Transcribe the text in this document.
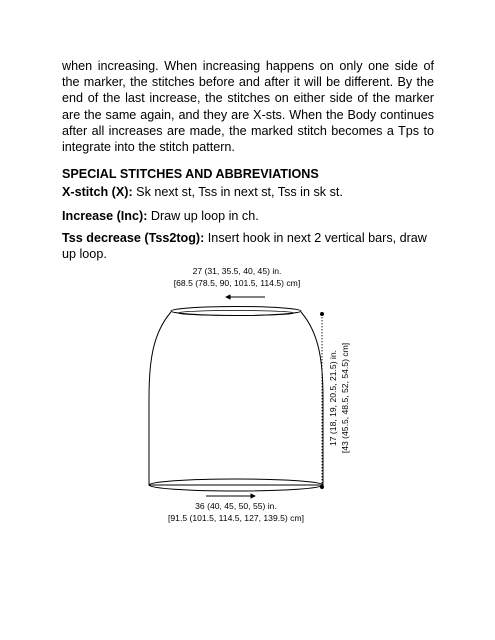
when increasing. When increasing happens on only one side of the marker, the stitches before and after it will be different. By the end of the last increase, the stitches on either side of the marker are the same again, and they are X-sts. When the Body continues after all increases are made, the marked stitch becomes a Tps to integrate into the stitch pattern.

SPECIAL STITCHES AND ABBREVIATIONS

X-stitch (X): Sk next st, Tss in next st, Tss in sk st.

Increase (Inc): Draw up loop in ch.

Tss decrease (Tss2tog): Insert hook in next 2 vertical bars, draw up loop.

27 (31, 35.5, 40, 45) in.
[68.5 (78.5, 90, 101.5, 114.5) cm]
17 (18, 19, 20.5, 21.5) in. [43 (45.5, 48.5, 52, 54.5) cm]
36 (40, 45, 50, 55) in.
[91.5 (101.5, 114.5, 127, 139.5) cm]
